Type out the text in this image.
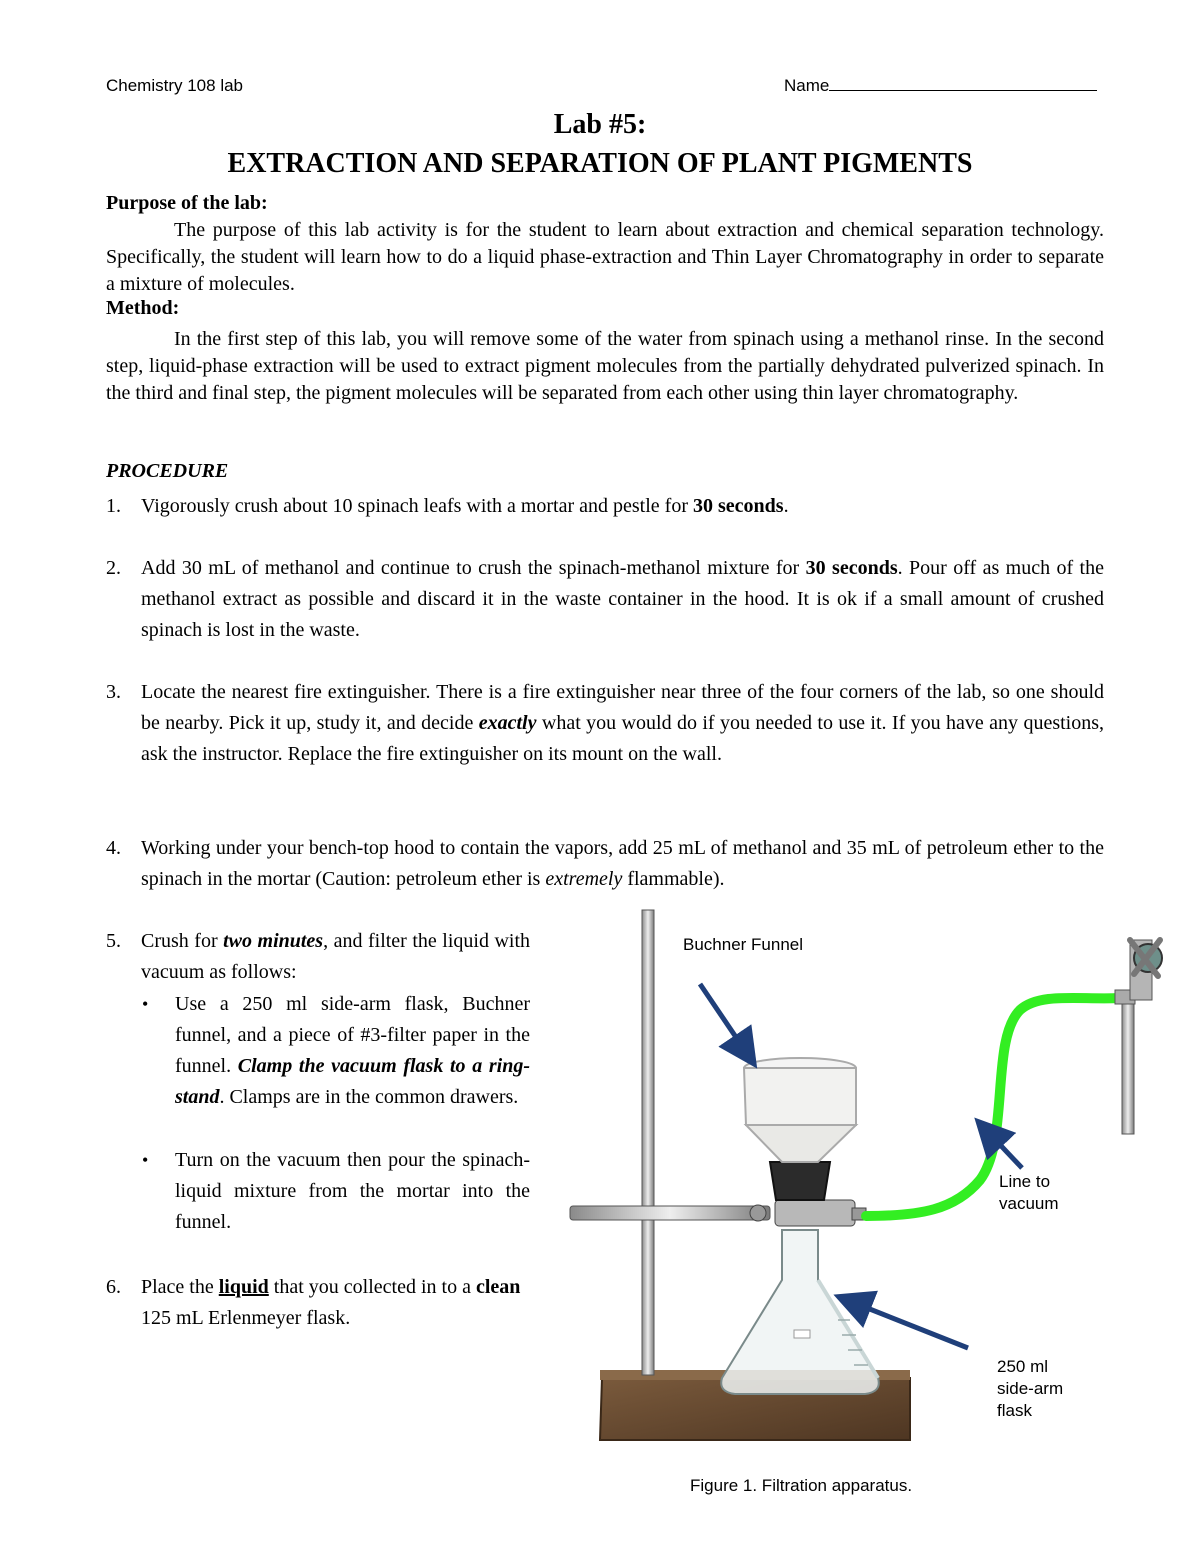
Chemistry 108 lab	Name
Lab #5:
EXTRACTION AND SEPARATION OF PLANT PIGMENTS
Purpose of the lab:
The purpose of this lab activity is for the student to learn about extraction and chemical separation technology. Specifically, the student will learn how to do a liquid phase-extraction and Thin Layer Chromatography in order to separate a mixture of molecules.
Method:
In the first step of this lab, you will remove some of the water from spinach using a methanol rinse. In the second step, liquid-phase extraction will be used to extract pigment molecules from the partially dehydrated pulverized spinach. In the third and final step, the pigment molecules will be separated from each other using thin layer chromatography.
PROCEDURE
1. Vigorously crush about 10 spinach leafs with a mortar and pestle for 30 seconds.
2. Add 30 mL of methanol and continue to crush the spinach-methanol mixture for 30 seconds. Pour off as much of the methanol extract as possible and discard it in the waste container in the hood. It is ok if a small amount of crushed spinach is lost in the waste.
3. Locate the nearest fire extinguisher. There is a fire extinguisher near three of the four corners of the lab, so one should be nearby. Pick it up, study it, and decide exactly what you would do if you needed to use it. If you have any questions, ask the instructor. Replace the fire extinguisher on its mount on the wall.
4. Working under your bench-top hood to contain the vapors, add 25 mL of methanol and 35 mL of petroleum ether to the spinach in the mortar (Caution: petroleum ether is extremely flammable).
5. Crush for two minutes, and filter the liquid with vacuum as follows:
• Use a 250 ml side-arm flask, Buchner funnel, and a piece of #3-filter paper in the funnel. Clamp the vacuum flask to a ring-stand. Clamps are in the common drawers.
• Turn on the vacuum then pour the spinach-liquid mixture from the mortar into the funnel.
6. Place the liquid that you collected in to a clean 125 mL Erlenmeyer flask.
Buchner Funnel
Line to
vacuum
250 ml
side-arm
flask
Figure 1. Filtration apparatus.
